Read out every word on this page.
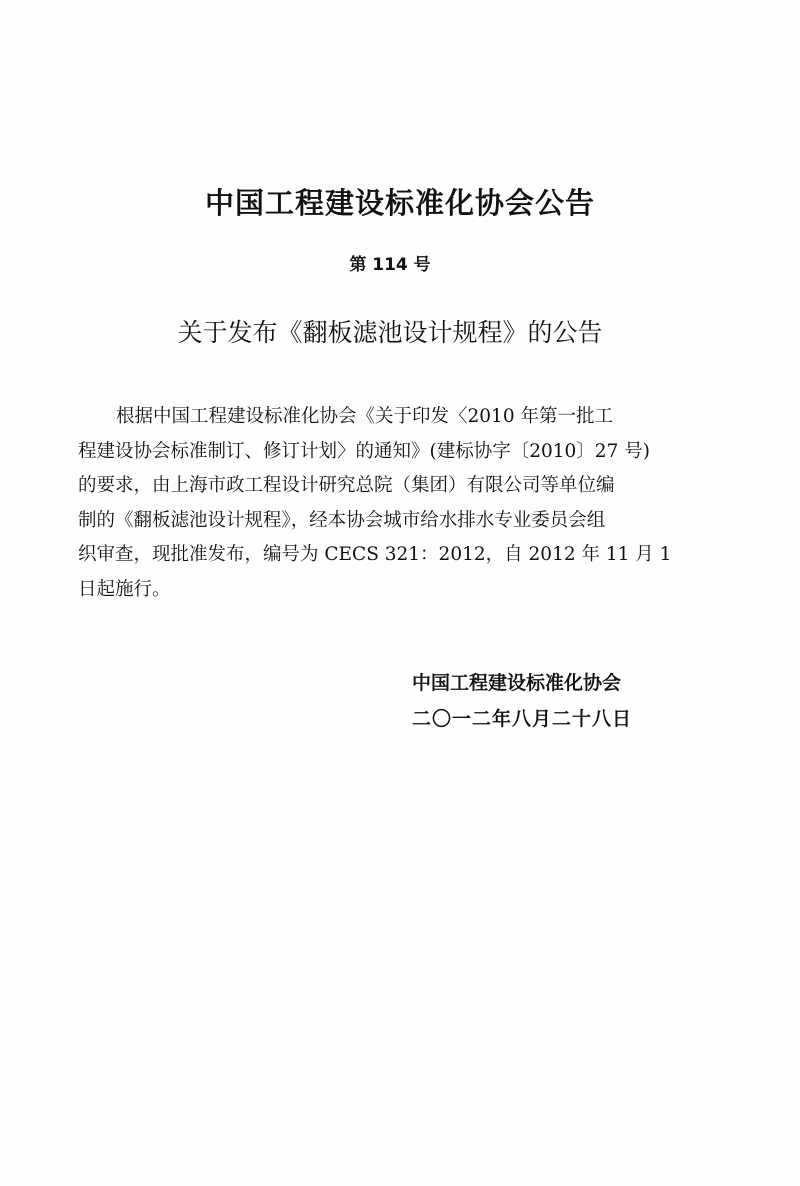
中国工程建设标准化协会公告
第 114 号
关于发布《翻板滤池设计规程》的公告
根据中国工程建设标准化协会《关于印发〈2010 年第一批工
程建设协会标准制订、修订计划〉的通知》(建标协字〔2010〕27 号)
的要求，由上海市政工程设计研究总院（集团）有限公司等单位编
制的《翻板滤池设计规程》，经本协会城市给水排水专业委员会组
织审查，现批准发布，编号为 CECS 321：2012，自 2012 年 11 月 1
日起施行。
中国工程建设标准化协会
二〇一二年八月二十八日
